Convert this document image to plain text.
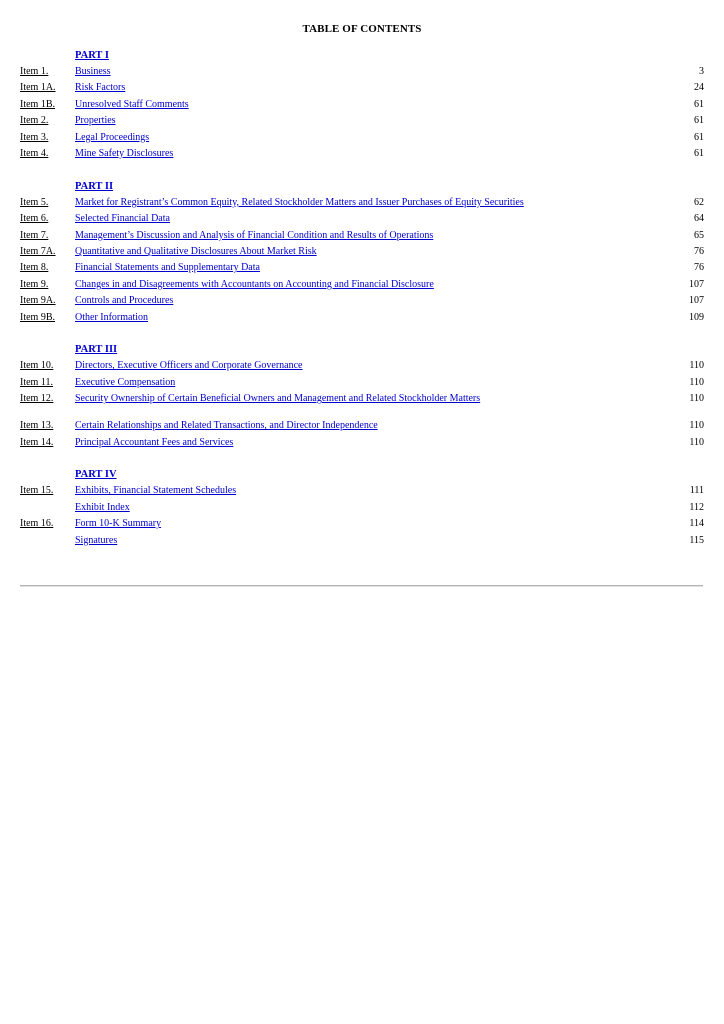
TABLE OF CONTENTS
PART I
Item 1.	Business	3
Item 1A. Risk Factors	24
Item 1B. Unresolved Staff Comments	61
Item 2.	Properties	61
Item 3.	Legal Proceedings	61
Item 4.	Mine Safety Disclosures	61
PART II
Item 5.	Market for Registrant’s Common Equity, Related Stockholder Matters and Issuer Purchases of Equity Securities	62
Item 6.	Selected Financial Data	64
Item 7.	Management’s Discussion and Analysis of Financial Condition and Results of Operations	65
Item 7A. Quantitative and Qualitative Disclosures About Market Risk	76
Item 8.	Financial Statements and Supplementary Data	76
Item 9.	Changes in and Disagreements with Accountants on Accounting and Financial Disclosure	107
Item 9A. Controls and Procedures	107
Item 9B. Other Information	109
PART III
Item 10. Directors, Executive Officers and Corporate Governance	110
Item 11. Executive Compensation	110
Item 12. Security Ownership of Certain Beneficial Owners and Management and Related Stockholder Matters	110
Item 13. Certain Relationships and Related Transactions, and Director Independence	110
Item 14. Principal Accountant Fees and Services	110
PART IV
Item 15. Exhibits, Financial Statement Schedules	111
Exhibit Index	112
Item 16. Form 10-K Summary	114
Signatures	115
